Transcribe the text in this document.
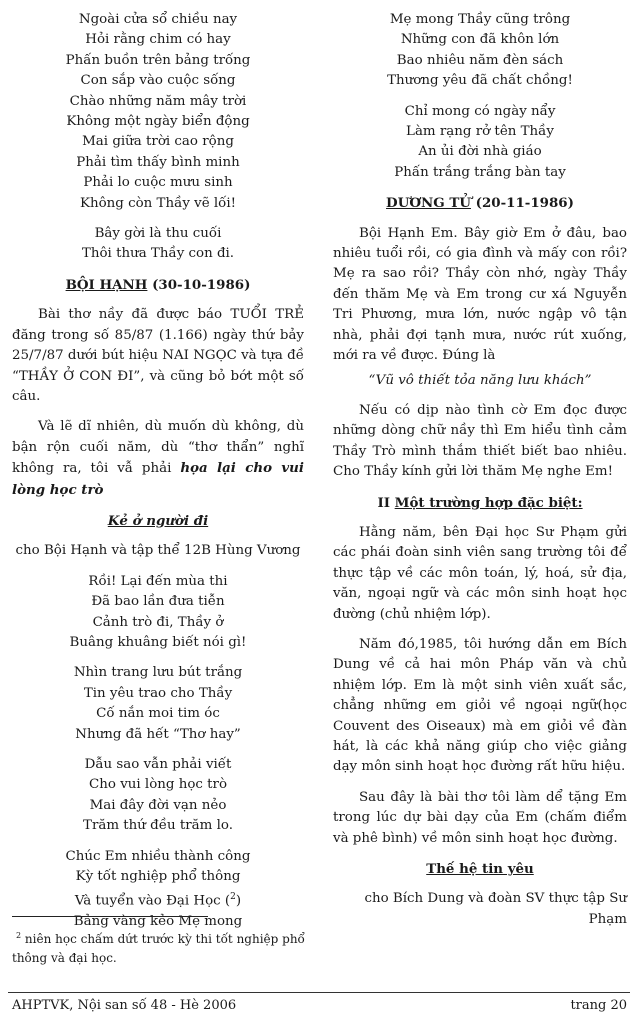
Ngoài cửa sổ chiều nay

Hỏi rằng chim có hay

Phấn buồn trên bảng trống

Con sắp vào cuộc sống

Chào những năm mây trời

Không một ngày biển động

Mai giữa trời cao rộng

Phải tìm thấy bình minh

Phải lo cuộc mưu sinh

Không còn Thầy vẽ lối!

Bây gời là thu cuối

Thôi thưa Thầy con đi.

BỘI HẠNH (30-10-1986)

Bài thơ nầy đã được báo TUỔI TRẺ đăng trong số 85/87 (1.166) ngày thứ bảy 25/7/87 dưới bút hiệu NAI NGỌC và tựa đề “THẦY Ở CON ĐI”, và cũng bỏ bớt một số câu.

Và lẽ dĩ nhiên, dù muốn dù không, dù bận rộn cuối năm, dù “thơ thẩn” nghĩ không ra, tôi vẫ phải họa lại cho vui lòng học trò

Kẻ ở người đi

cho Bội Hạnh và tập thể 12B Hùng Vương

Rồi! Lại đến mùa thi

Đã bao lần đưa tiễn

Cảnh trò đi, Thầy ở

Buâng khuâng biết nói gì!

Nhìn trang lưu bút trắng

Tin yêu trao cho Thầy

Cố nắn moi tim óc

Nhưng đã hết “Thơ hay”

Dẫu sao vẫn phải viết

Cho vui lòng học trò

Mai đây đời vạn nẻo

Trăm thứ đều trăm lo.

Chúc Em nhiều thành công

Kỳ tốt nghiệp phổ thông

Và tuyển vào Đại Học ($^2$)

Bảng vàng kẻo Mẹ mong

Mẹ mong Thầy cũng trông

Những con đã khôn lớn

Bao nhiêu năm đèn sách

Thương yêu đã chất chồng!

Chỉ mong có ngày nẩy

Làm rạng rở tên Thầy

An ủi đời nhà giáo

Phấn trắng trắng bàn tay

DƯƠNG TỬ (20-11-1986)

Bội Hạnh Em. Bây giờ Em ở đâu, bao nhiêu tuổi rồi, có gia đình và mấy con rồi? Mẹ ra sao rồi? Thầy còn nhớ, ngày Thầy đến thăm Mẹ và Em trong cư xá Nguyễn Tri Phương, mưa lớn, nước ngập vô tận nhà, phải đợi tạnh mưa, nước rút xuống, mới ra về được. Đúng là

“Vũ vô thiết tỏa năng lưu khách”

Nếu có dịp nào tình cờ Em đọc được những dòng chữ nầy thì Em hiểu tình cảm Thầy Trò mình thắm thiết biết bao nhiêu. Cho Thầy kính gửi lời thăm Mẹ nghe Em!

II Một trường hợp đặc biệt:

Hằng năm, bên Đại học Sư Phạm gửi các phái đoàn sinh viên sang trường tôi để thực tập về các môn toán, lý, hoá, sử địa, văn, ngoại ngữ và các môn sinh hoạt học đường (chủ nhiệm lớp).

Năm đó,1985, tôi hướng dẫn em Bích Dung về cả hai môn Pháp văn và chủ nhiệm lớp. Em là một sinh viên xuất sắc, chẳng những em giỏi về ngoại ngữ(học Couvent des Oiseaux) mà em giỏi về đàn hát, là các khả năng giúp cho việc giảng dạy môn sinh hoạt học đường rất hữu hiệu.

Sau đây là bài thơ tôi làm dể tặng Em trong lúc dự bài dạy của Em (chấm điểm và phê bình) về môn sinh hoạt học đường.

Thế hệ tin yêu

cho Bích Dung và đoàn SV thực tập Sư Phạm

$^2$ niên học chấm dứt trước kỳ thi tốt nghiệp phổ thông và đại học.
AHPTVK, Nội san số 48 - Hè 2006	trang 20
